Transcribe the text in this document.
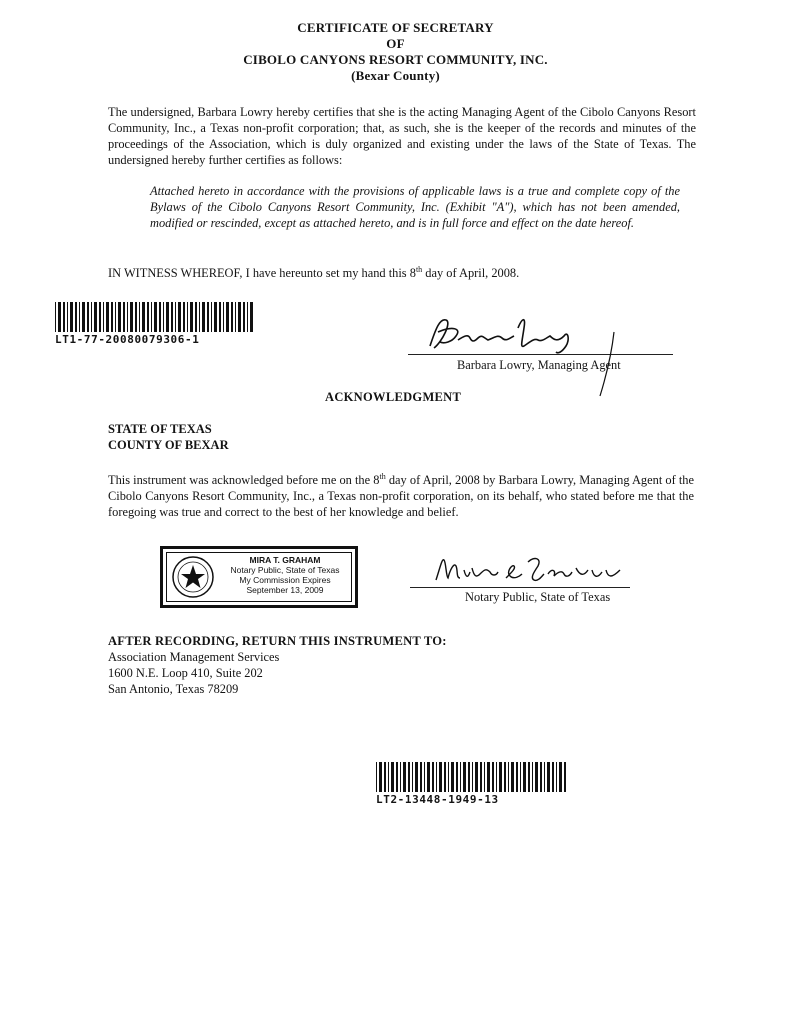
CERTIFICATE OF SECRETARY
OF
CIBOLO CANYONS RESORT COMMUNITY, INC.
(Bexar County)
The undersigned, Barbara Lowry hereby certifies that she is the acting Managing Agent of the Cibolo Canyons Resort Community, Inc., a Texas non-profit corporation; that, as such, she is the keeper of the records and minutes of the proceedings of the Association, which is duly organized and existing under the laws of the State of Texas. The undersigned hereby further certifies as follows:
Attached hereto in accordance with the provisions of applicable laws is a true and complete copy of the Bylaws of the Cibolo Canyons Resort Community, Inc. (Exhibit "A"), which has not been amended, modified or rescinded, except as attached hereto, and is in full force and effect on the date hereof.
IN WITNESS WHEREOF, I have hereunto set my hand this 8th day of April, 2008.
LT1-77-20080079306-1
Barbara Lowry, Managing Agent
ACKNOWLEDGMENT
STATE OF TEXAS
COUNTY OF BEXAR
This instrument was acknowledged before me on the 8th day of April, 2008 by Barbara Lowry, Managing Agent of the Cibolo Canyons Resort Community, Inc., a Texas non-profit corporation, on its behalf, who stated before me that the foregoing was true and correct to the best of her knowledge and belief.
MIRA T. GRAHAM
Notary Public, State of Texas
My Commission Expires
September 13, 2009	Notary Public, State of Texas
AFTER RECORDING, RETURN THIS INSTRUMENT TO:
Association Management Services
1600 N.E. Loop 410, Suite 202
San Antonio, Texas 78209
LT2-13448-1949-13
